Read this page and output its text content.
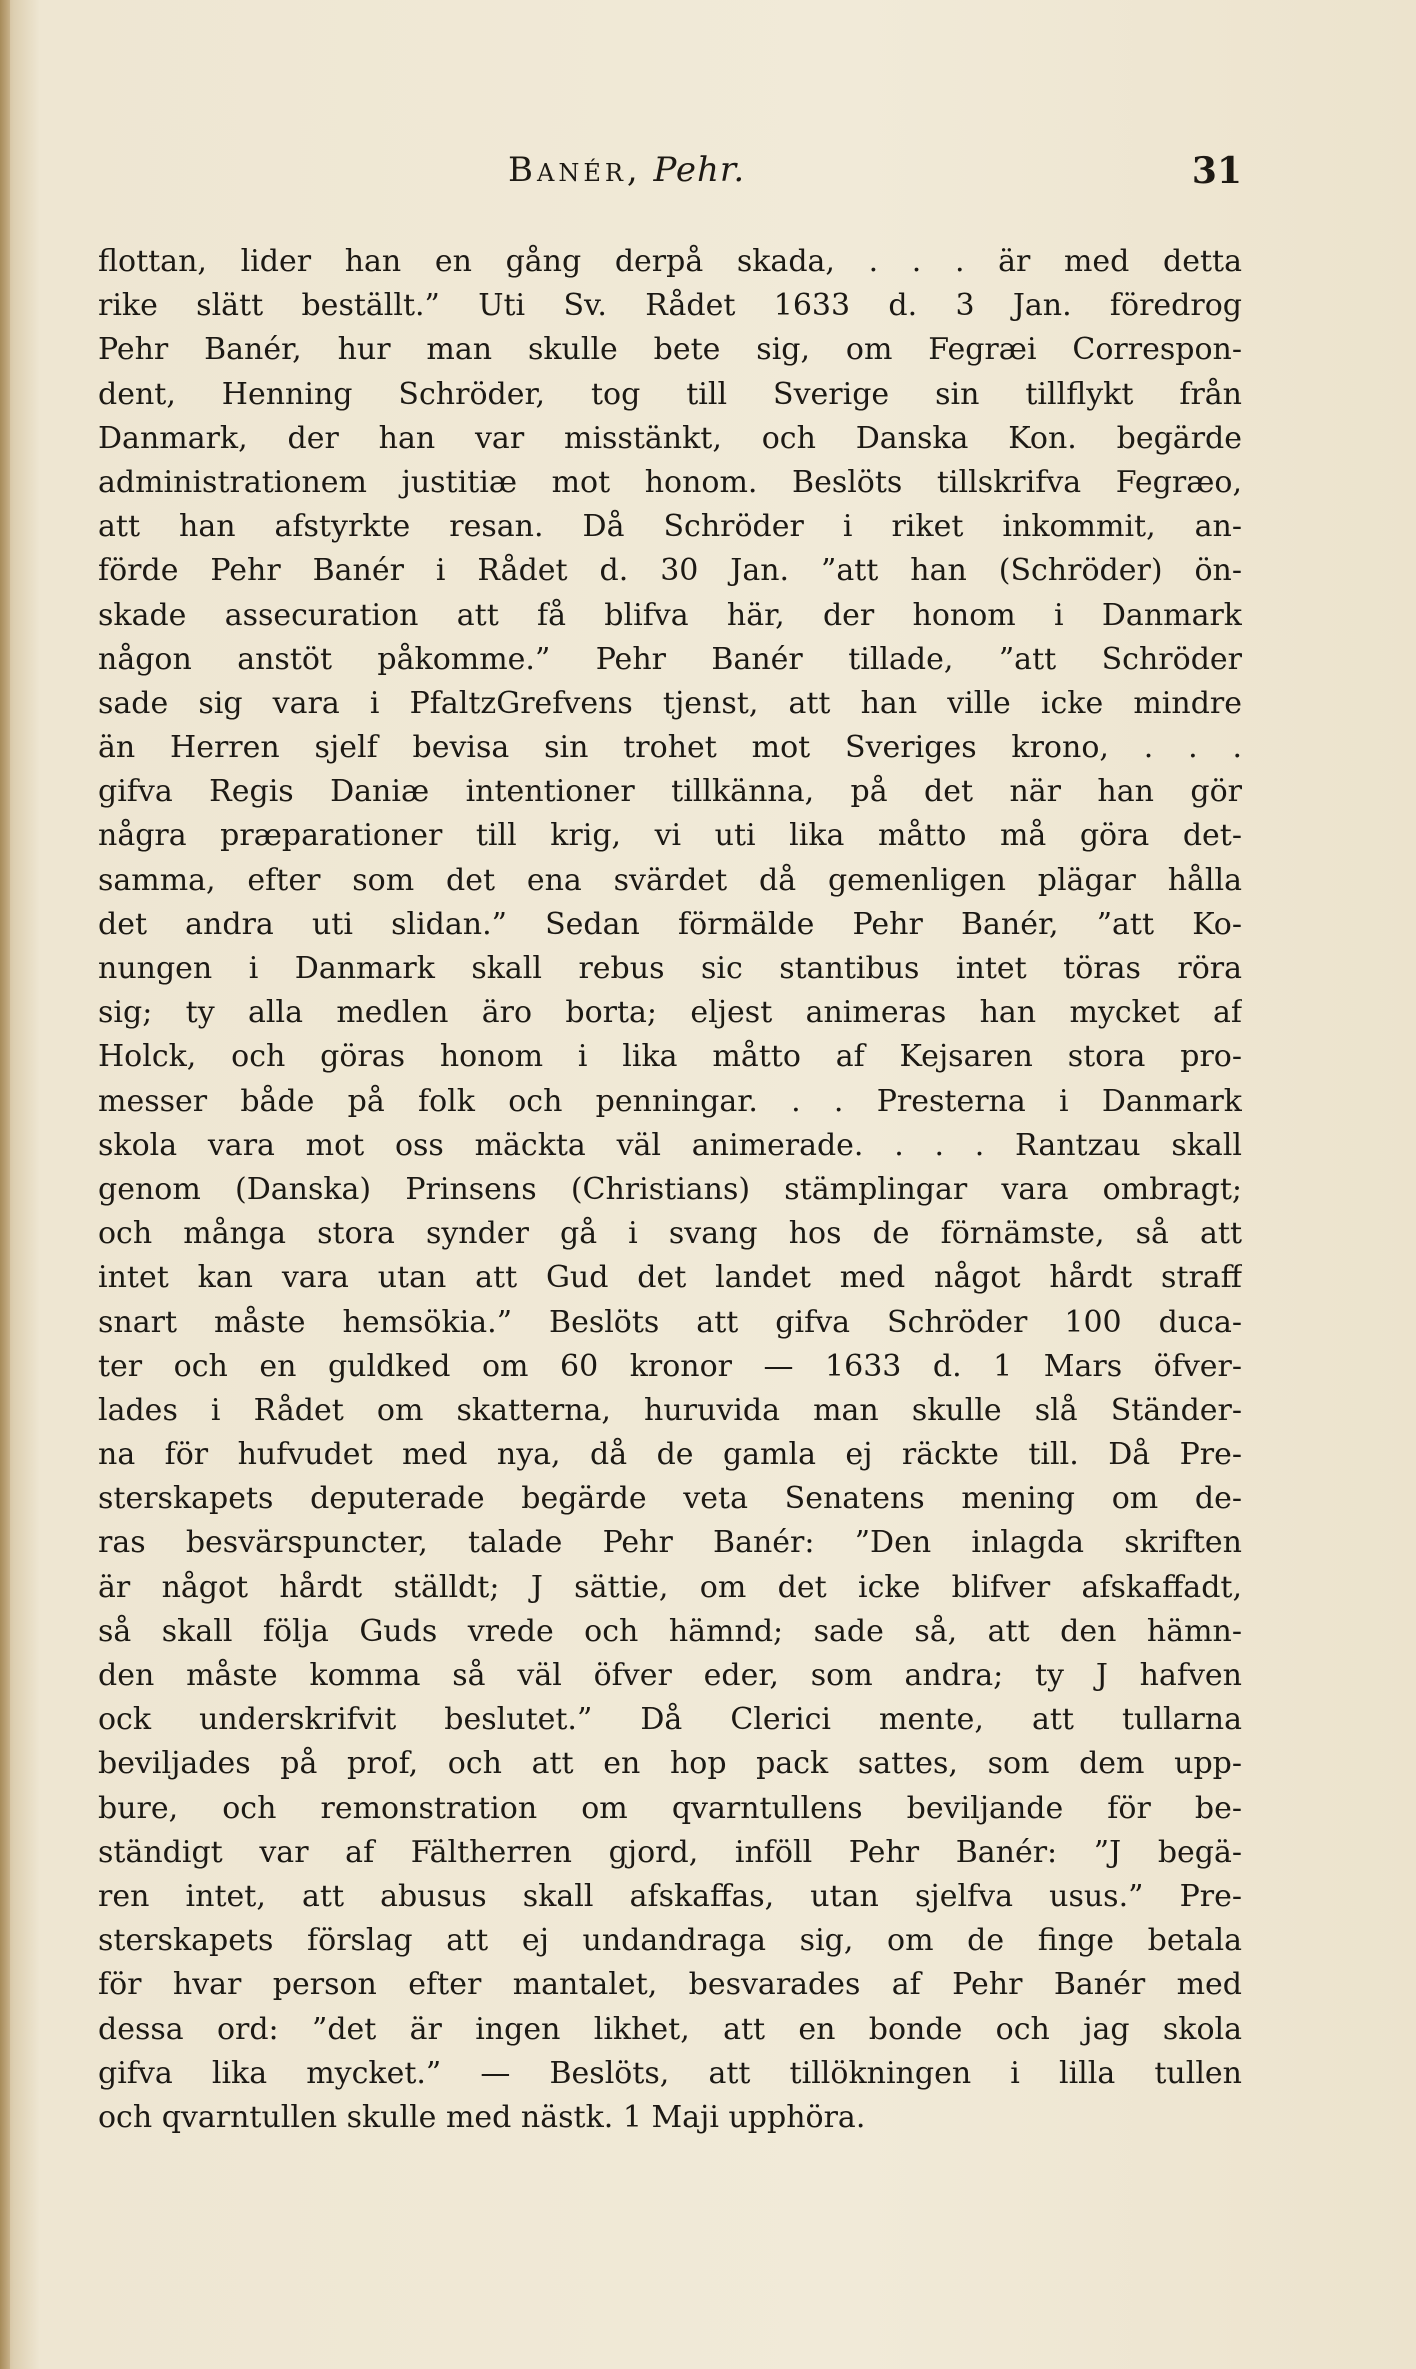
Banér, Pehr.	31
flottan, lider han en gång derpå skada, . . . är med detta
rike slätt beställt.” Uti Sv. Rådet 1633 d. 3 Jan. föredrog
Pehr Banér, hur man skulle bete sig, om Fegræi Correspon-
dent, Henning Schröder, tog till Sverige sin tillflykt från
Danmark, der han var misstänkt, och Danska Kon. begärde
administrationem justitiæ mot honom. Beslöts tillskrifva Fegræo,
att han afstyrkte resan. Då Schröder i riket inkommit, an-
förde Pehr Banér i Rådet d. 30 Jan. ”att han (Schröder) ön-
skade assecuration att få blifva här, der honom i Danmark
någon anstöt påkomme.” Pehr Banér tillade, ”att Schröder
sade sig vara i PfaltzGrefvens tjenst, att han ville icke mindre
än Herren sjelf bevisa sin trohet mot Sveriges krono, . . .
gifva Regis Daniæ intentioner tillkänna, på det när han gör
några præparationer till krig, vi uti lika måtto må göra det-
samma, efter som det ena svärdet då gemenligen plägar hålla
det andra uti slidan.” Sedan förmälde Pehr Banér, ”att Ko-
nungen i Danmark skall rebus sic stantibus intet töras röra
sig; ty alla medlen äro borta; eljest animeras han mycket af
Holck, och göras honom i lika måtto af Kejsaren stora pro-
messer både på folk och penningar. . . Presterna i Danmark
skola vara mot oss mäckta väl animerade. . . . Rantzau skall
genom (Danska) Prinsens (Christians) stämplingar vara ombragt;
och många stora synder gå i svang hos de förnämste, så att
intet kan vara utan att Gud det landet med något hårdt straff
snart måste hemsökia.” Beslöts att gifva Schröder 100 duca-
ter och en guldked om 60 kronor — 1633 d. 1 Mars öfver-
lades i Rådet om skatterna, huruvida man skulle slå Ständer-
na för hufvudet med nya, då de gamla ej räckte till. Då Pre-
sterskapets deputerade begärde veta Senatens mening om de-
ras besvärspuncter, talade Pehr Banér: ”Den inlagda skriften
är något hårdt ställdt; J sättie, om det icke blifver afskaffadt,
så skall följa Guds vrede och hämnd; sade så, att den hämn-
den måste komma så väl öfver eder, som andra; ty J hafven
ock underskrifvit beslutet.” Då Clerici mente, att tullarna
beviljades på prof, och att en hop pack sattes, som dem upp-
bure, och remonstration om qvarntullens beviljande för be-
ständigt var af Fältherren gjord, inföll Pehr Banér: ”J begä-
ren intet, att abusus skall afskaffas, utan sjelfva usus.” Pre-
sterskapets förslag att ej undandraga sig, om de finge betala
för hvar person efter mantalet, besvarades af Pehr Banér med
dessa ord: ”det är ingen likhet, att en bonde och jag skola
gifva lika mycket.” — Beslöts, att tillökningen i lilla tullen
och qvarntullen skulle med nästk. 1 Maji upphöra.
